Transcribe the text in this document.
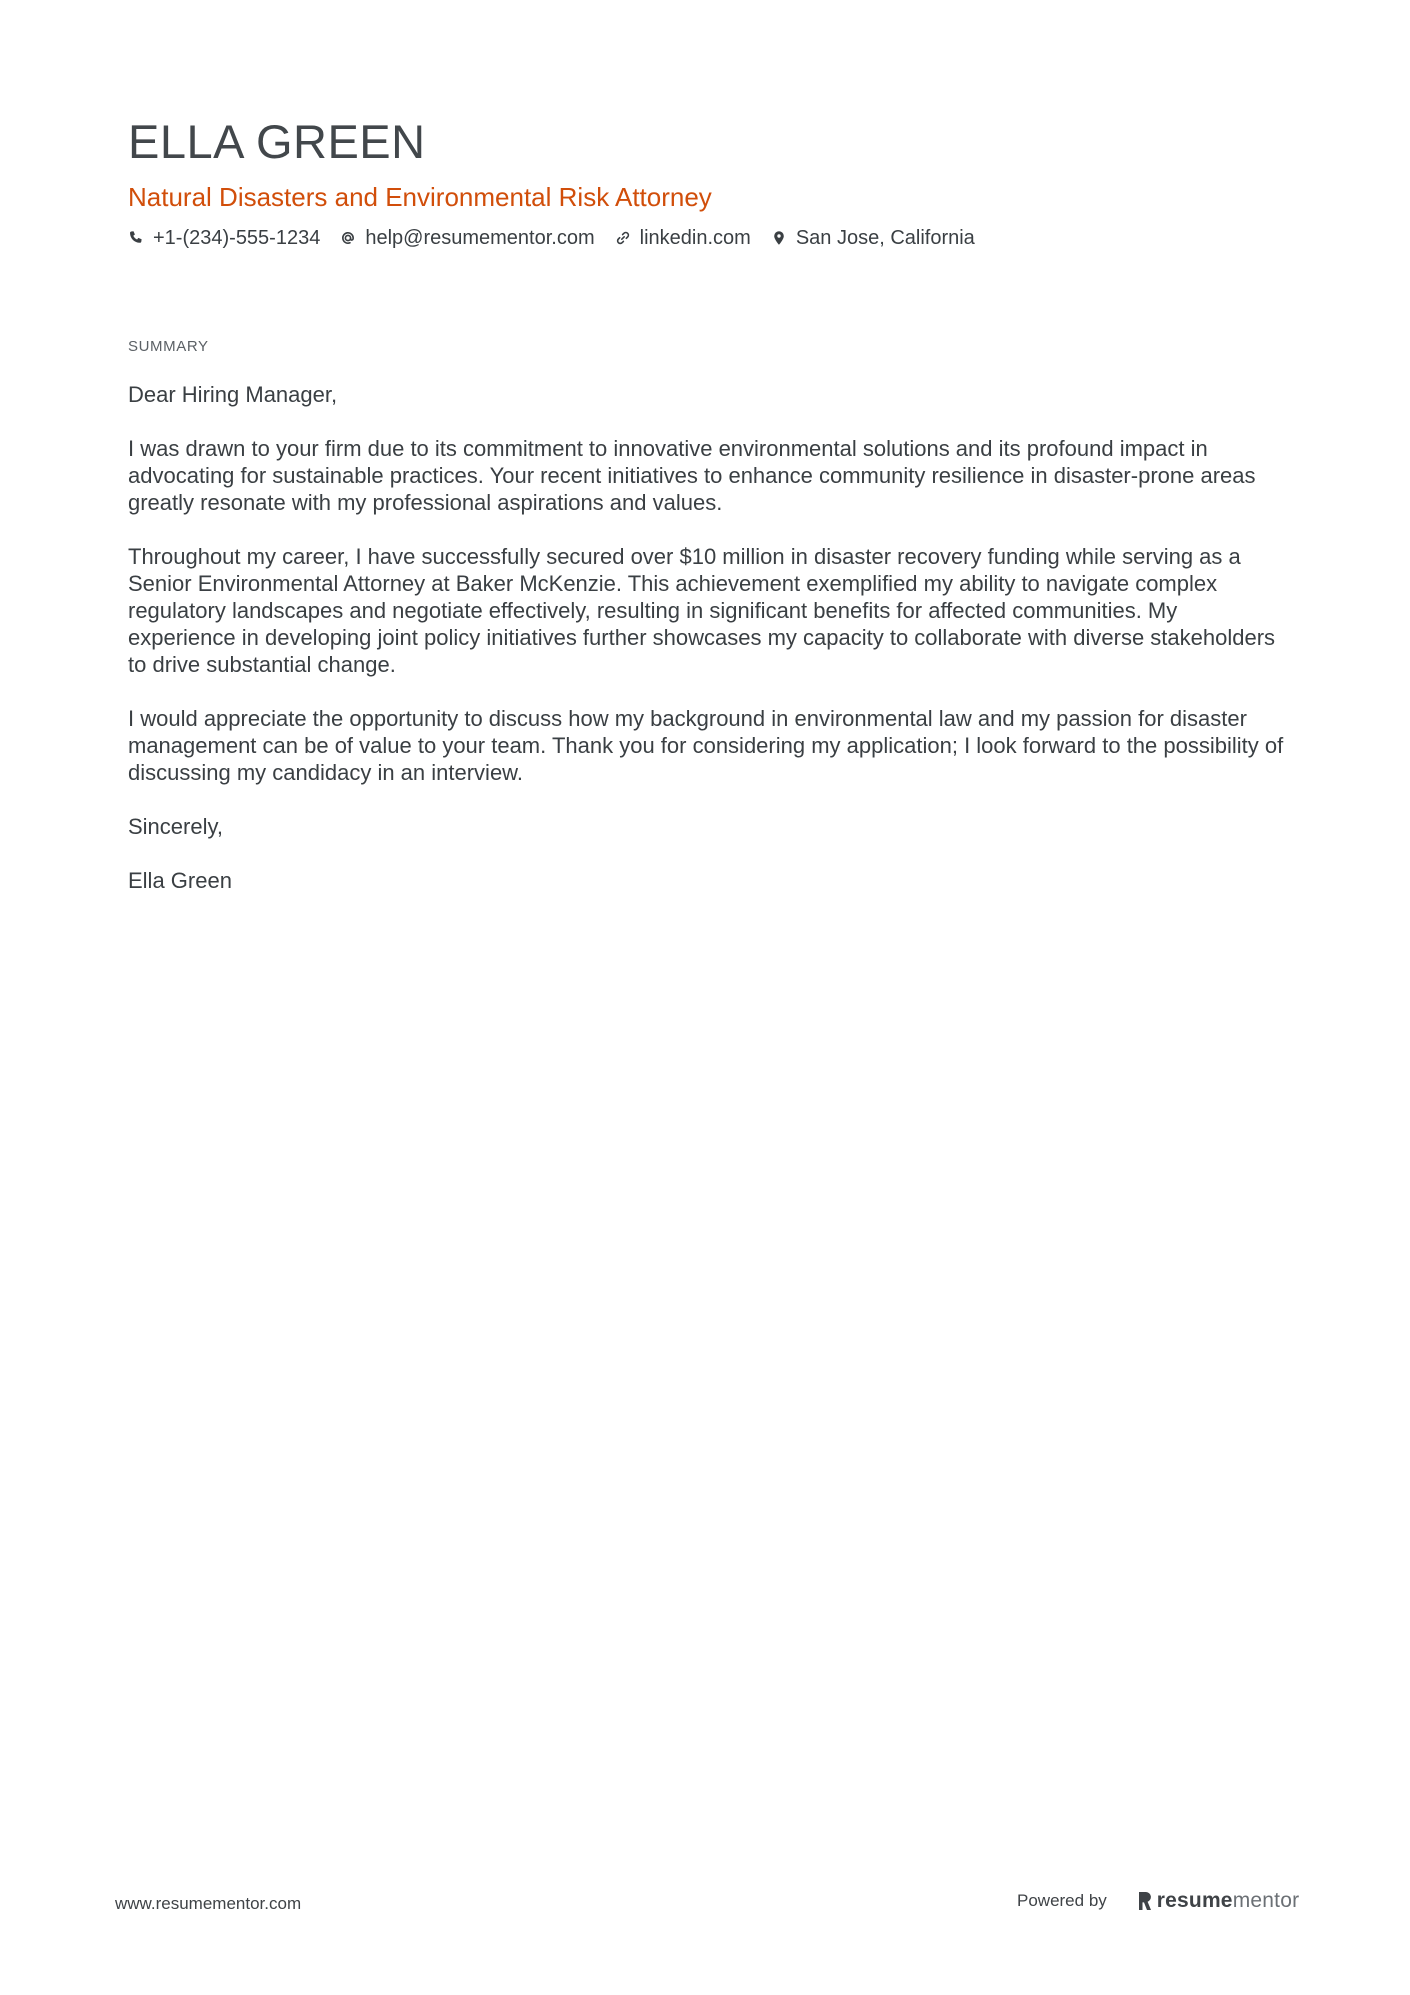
ELLA GREEN
Natural Disasters and Environmental Risk Attorney
+1-(234)-555-1234 help@resumementor.com linkedin.com San Jose, California
SUMMARY

Dear Hiring Manager,

I was drawn to your firm due to its commitment to innovative environmental solutions and its profound impact in advocating for sustainable practices. Your recent initiatives to enhance community resilience in disaster-prone areas greatly resonate with my professional aspirations and values.

Throughout my career, I have successfully secured over $10 million in disaster recovery funding while serving as a Senior Environmental Attorney at Baker McKenzie. This achievement exemplified my ability to navigate complex regulatory landscapes and negotiate effectively, resulting in significant benefits for affected communities. My experience in developing joint policy initiatives further showcases my capacity to collaborate with diverse stakeholders to drive substantial change.

I would appreciate the opportunity to discuss how my background in environmental law and my passion for disaster management can be of value to your team. Thank you for considering my application; I look forward to the possibility of discussing my candidacy in an interview.

Sincerely,

Ella Green

www.resumementor.com	Powered by resume mentor
